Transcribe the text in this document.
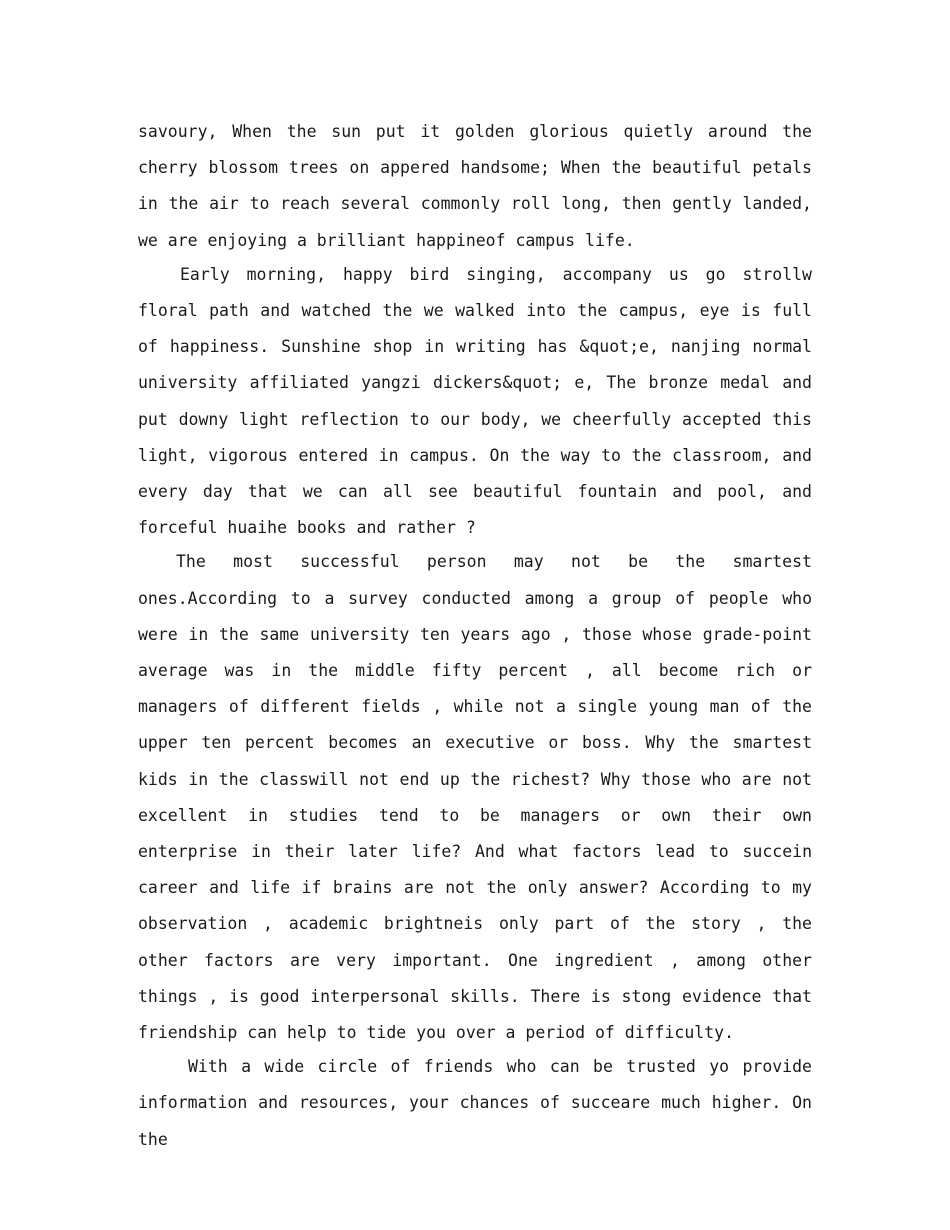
savoury, When the sun put it golden glorious quietly around the cherry blossom trees on appered handsome; When the beautiful petals in the air to reach several commonly roll long, then gently landed, we are enjoying a brilliant happineof campus life.

Early morning, happy bird singing, accompany us go strollw floral path and watched the we walked into the campus, eye is full of happiness. Sunshine shop in writing has &quot;e, nanjing normal university affiliated yangzi dickers&quot; e, The bronze medal and put downy light reflection to our body, we cheerfully accepted this light, vigorous entered in campus. On the way to the classroom, and every day that we can all see beautiful fountain and pool, and forceful huaihe books and rather ?

The most successful person may not be the smartest ones.According to a survey conducted among a group of people who were in the same university ten years ago , those whose grade-point average was in the middle fifty percent , all become rich or managers of different fields , while not a single young man of the upper ten percent becomes an executive or boss. Why the smartest kids in the classwill not end up the richest? Why those who are not excellent in studies tend to be managers or own their own enterprise in their later life? And what factors lead to succein career and life if brains are not the only answer? According to my observation , academic brightneis only part of the story , the other factors are very important. One ingredient , among other things , is good interpersonal skills. There is stong evidence that friendship can help to tide you over a period of difficulty.

With a wide circle of friends who can be trusted yo provide information and resources, your chances of succeare much higher. On the
